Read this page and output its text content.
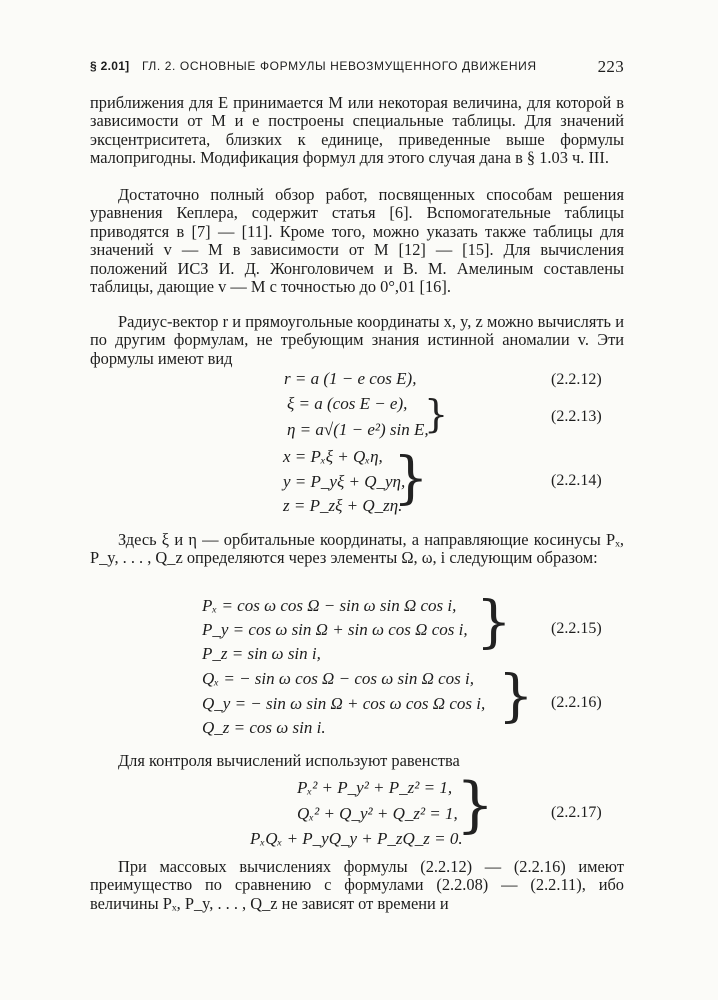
§ 2.01] ГЛ. 2. ОСНОВНЫЕ ФОРМУЛЫ НЕВОЗМУЩЕННОГО ДВИЖЕНИЯ	223

приближения для E принимается M или некоторая величина, для которой в зависимости от M и e построены специальные таблицы. Для значений эксцентриситета, близких к единице, приведенные выше формулы малопригодны. Модификация формул для этого случая дана в § 1.03 ч. III.

Достаточно полный обзор работ, посвященных способам решения уравнения Кеплера, содержит статья [6]. Вспомогательные таблицы приводятся в [7] — [11]. Кроме того, можно указать также таблицы для значений v — M в зависимости от M [12] — [15]. Для вычисления положений ИСЗ И. Д. Жонголовичем и В. М. Амелиным составлены таблицы, дающие v — M с точностью до 0°,01 [16].

Радиус-вектор r и прямоугольные координаты x, y, z можно вычислять и по другим формулам, не требующим знания истинной аномалии v. Эти формулы имеют вид

r = a (1 − e cos E),	(2.2.12)
ξ = a (cos E − e),
η = a√(1 − e²) sin E,
}	(2.2.13)
x = Pₓξ + Qₓη,
y = P_yξ + Q_yη,
z = P_zξ + Q_zη.
}	(2.2.14)

Здесь ξ и η — орбитальные координаты, а направляющие косинусы Pₓ, P_y, . . . , Q_z определяются через элементы Ω, ω, i следующим образом:

Pₓ = cos ω cos Ω − sin ω sin Ω cos i,
P_y = cos ω sin Ω + sin ω cos Ω cos i,
P_z = sin ω sin i,	} (2.2.15)
Qₓ = − sin ω cos Ω − cos ω sin Ω cos i,
Q_y = − sin ω sin Ω + cos ω cos Ω cos i,
Q_z = cos ω sin i.	} (2.2.16)

Для контроля вычислений используют равенства

Pₓ² + P_y² + P_z² = 1,
Qₓ² + Q_y² + Q_z² = 1,
PₓQₓ + P_yQ_y + P_zQ_z = 0.
}	(2.2.17)

При массовых вычислениях формулы (2.2.12) — (2.2.16) имеют преимущество по сравнению с формулами (2.2.08) — (2.2.11), ибо величины Pₓ, P_y, . . . , Q_z не зависят от времени и
